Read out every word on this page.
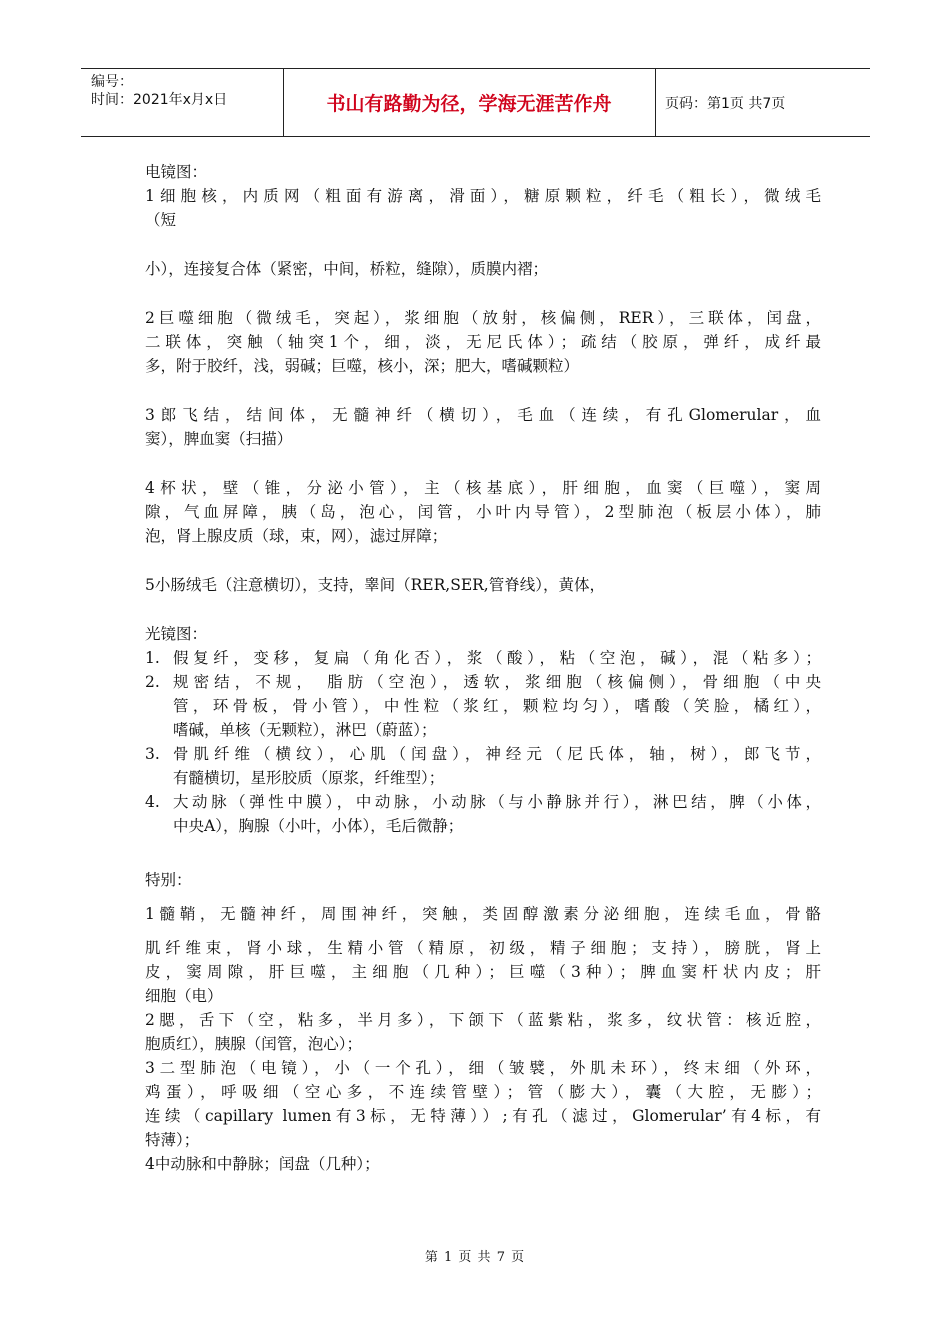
编号：
时间：2021年x月x日	书山有路勤为径，学海无涯苦作舟	页码：第1页 共7页
电镜图：
1细胞核，内质网（粗面有游离，滑面），糖原颗粒，纤毛（粗长），微绒毛
（短
小），连接复合体（紧密，中间，桥粒，缝隙），质膜内褶；
2巨噬细胞（微绒毛，突起），浆细胞（放射，核偏侧，RER），三联体，闰盘，
二联体，突触（轴突1个，细，淡，无尼氏体）；疏结（胶原，弹纤，成纤最
多，附于胶纤，浅，弱碱；巨噬，核小，深；肥大，嗜碱颗粒）
3郎飞结，结间体，无髓神纤（横切），毛血（连续，有孔Glomerular，血
窦），脾血窦（扫描）
4杯状，壁（锥，分泌小管），主（核基底），肝细胞，血窦（巨噬），窦周
隙，气血屏障，胰（岛，泡心，闰管，小叶内导管），2型肺泡（板层小体），肺
泡，肾上腺皮质（球，束，网），滤过屏障；
5小肠绒毛（注意横切），支持，睾间（RER,SER,管脊线），黄体，
光镜图：
1. 假复纤，变移，复扁（角化否），浆（酸），粘（空泡，碱），混（粘多）；
2. 规密结，不规， 脂肪（空泡），透软，浆细胞（核偏侧），骨细胞（中央
管，环骨板，骨小管），中性粒（浆红，颗粒均匀），嗜酸（笑脸，橘红），
嗜碱，单核（无颗粒），淋巴（蔚蓝）；
3. 骨肌纤维（横纹），心肌（闰盘），神经元（尼氏体，轴，树），郎飞节，
有髓横切，星形胶质（原浆，纤维型）；
4. 大动脉（弹性中膜），中动脉，小动脉（与小静脉并行），淋巴结，脾（小体，
中央A），胸腺（小叶，小体），毛后微静；
特别：
1髓鞘，无髓神纤，周围神纤，突触，类固醇激素分泌细胞，连续毛血，骨骼
肌纤维束，肾小球，生精小管（精原，初级，精子细胞；支持），膀胱，肾上
皮，窦周隙，肝巨噬，主细胞（几种）；巨噬（3种）；脾血窦杆状内皮；肝
细胞（电）
2腮，舌下（空，粘多，半月多），下颌下（蓝紫粘，浆多，纹状管：核近腔，
胞质红），胰腺（闰管，泡心）；
3二型肺泡（电镜），小（一个孔），细（皱襞，外肌未环），终末细（外环，
鸡蛋），呼吸细（空心多，不连续管壁）；管（膨大），囊（大腔，无膨）；
连续（capillary lumen有3标，无特薄））;有孔（滤过，Glomerular’有4标，有
特薄）；
4中动脉和中静脉；闰盘（几种）；
第 1 页 共 7 页
